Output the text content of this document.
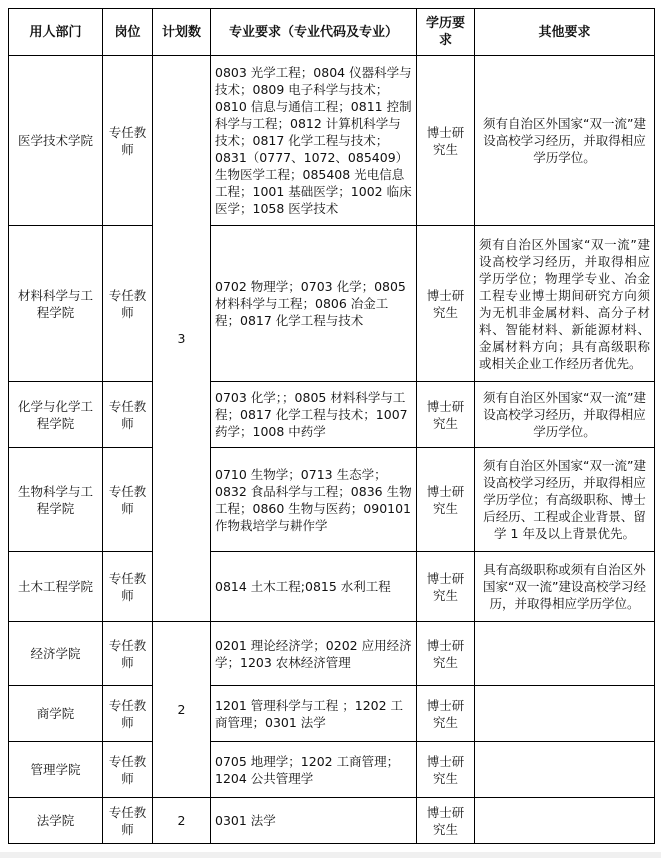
用人部门	岗位	计划数	专业要求（专业代码及专业）	学历要求	其他要求
医学技术学院	专任教师	3	0803 光学工程；0804 仪器科学与技术；0809 电子科学与技术；0810 信息与通信工程；0811 控制科学与工程；0812 计算机科学与技术；0817 化学工程与技术；0831（0777、1072、085409）生物医学工程；085408 光电信息工程；1001 基础医学；1002 临床医学；1058 医学技术	博士研究生	须有自治区外国家“双一流”建设高校学习经历，并取得相应学历学位。
材料科学与工程学院	专任教师		0702 物理学；0703 化学；0805 材料科学与工程；0806 冶金工程；0817 化学工程与技术	博士研究生	须有自治区外国家“双一流”建设高校学习经历，并取得相应学历学位；物理学专业、冶金工程专业博士期间研究方向须为无机非金属材料、高分子材料、智能材料、新能源材料、金属材料方向；具有高级职称或相关企业工作经历者优先。
化学与化学工程学院	专任教师		0703 化学；；0805 材料科学与工程；0817 化学工程与技术；1007 药学；1008 中药学	博士研究生	须有自治区外国家“双一流”建设高校学习经历，并取得相应学历学位。
生物科学与工程学院	专任教师		0710 生物学；0713 生态学；0832 食品科学与工程；0836 生物工程；0860 生物与医药；090101 作物栽培学与耕作学	博士研究生	须有自治区外国家“双一流”建设高校学习经历，并取得相应学历学位；有高级职称、博士后经历、工程或企业背景、留学 1 年及以上背景优先。
土木工程学院	专任教师		0814 土木工程;0815 水利工程	博士研究生	具有高级职称或须有自治区外国家“双一流”建设高校学习经历，并取得相应学历学位。
经济学院	专任教师	2	0201 理论经济学；0202 应用经济学；1203 农林经济管理	博士研究生	
商学院	专任教师		1201 管理科学与工程 ；1202 工商管理；0301 法学	博士研究生	
管理学院	专任教师		0705 地理学；1202 工商管理；1204 公共管理学	博士研究生	
法学院	专任教师	2	0301 法学	博士研究生	
